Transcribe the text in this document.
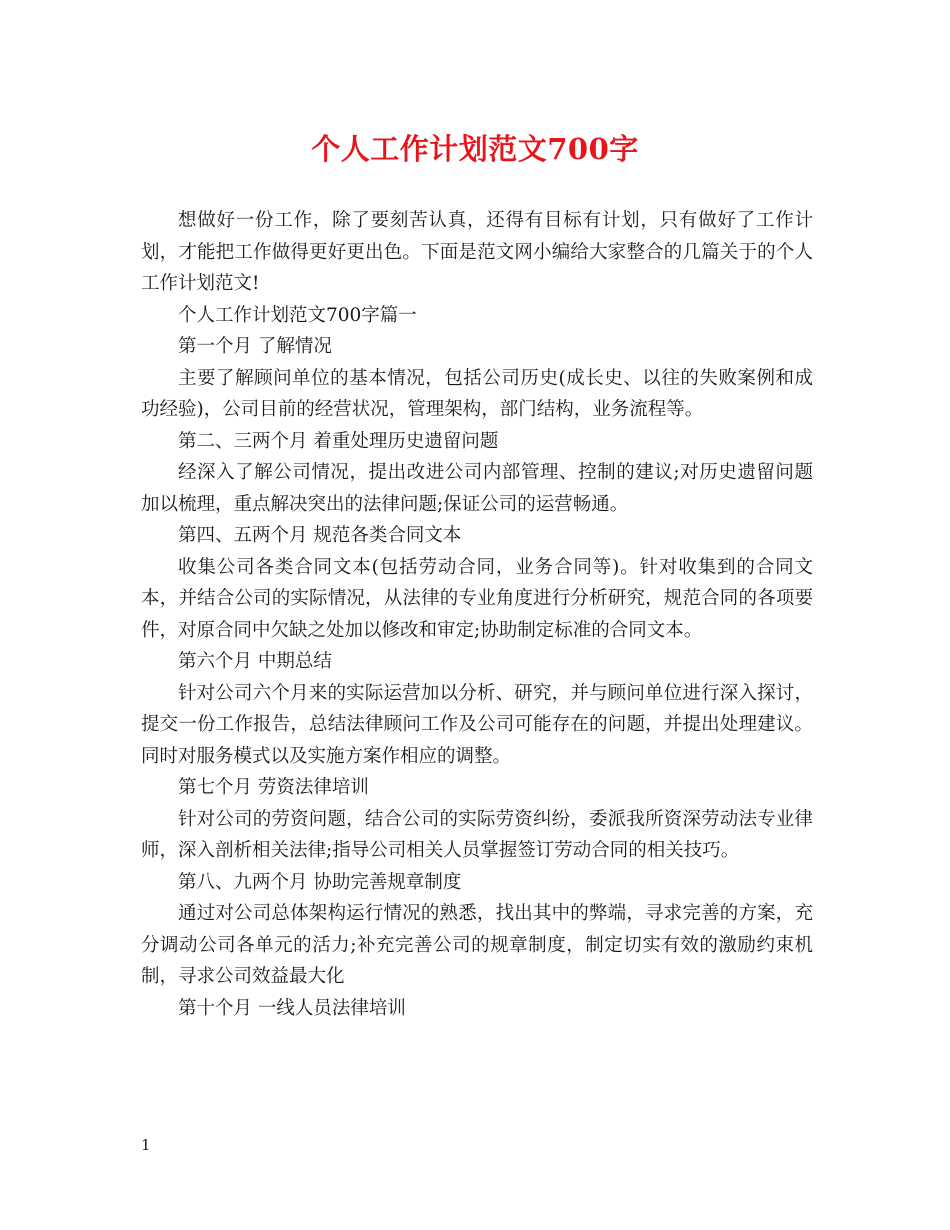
个人工作计划范文700字

想做好一份工作，除了要刻苦认真，还得有目标有计划，只有做好了工作计划，才能把工作做得更好更出色。下面是范文网小编给大家整合的几篇关于的个人工作计划范文!

个人工作计划范文700字篇一

第一个月 了解情况

主要了解顾问单位的基本情况，包括公司历史(成长史、以往的失败案例和成功经验)，公司目前的经营状况，管理架构，部门结构，业务流程等。

第二、三两个月 着重处理历史遗留问题

经深入了解公司情况，提出改进公司内部管理、控制的建议;对历史遗留问题加以梳理，重点解决突出的法律问题;保证公司的运营畅通。

第四、五两个月 规范各类合同文本

收集公司各类合同文本(包括劳动合同，业务合同等)。针对收集到的合同文本，并结合公司的实际情况，从法律的专业角度进行分析研究，规范合同的各项要件，对原合同中欠缺之处加以修改和审定;协助制定标准的合同文本。

第六个月 中期总结

针对公司六个月来的实际运营加以分析、研究，并与顾问单位进行深入探讨，提交一份工作报告，总结法律顾问工作及公司可能存在的问题，并提出处理建议。同时对服务模式以及实施方案作相应的调整。

第七个月 劳资法律培训

针对公司的劳资问题，结合公司的实际劳资纠纷，委派我所资深劳动法专业律师，深入剖析相关法律;指导公司相关人员掌握签订劳动合同的相关技巧。

第八、九两个月 协助完善规章制度

通过对公司总体架构运行情况的熟悉，找出其中的弊端，寻求完善的方案，充分调动公司各单元的活力;补充完善公司的规章制度，制定切实有效的激励约束机制，寻求公司效益最大化

第十个月 一线人员法律培训

1
